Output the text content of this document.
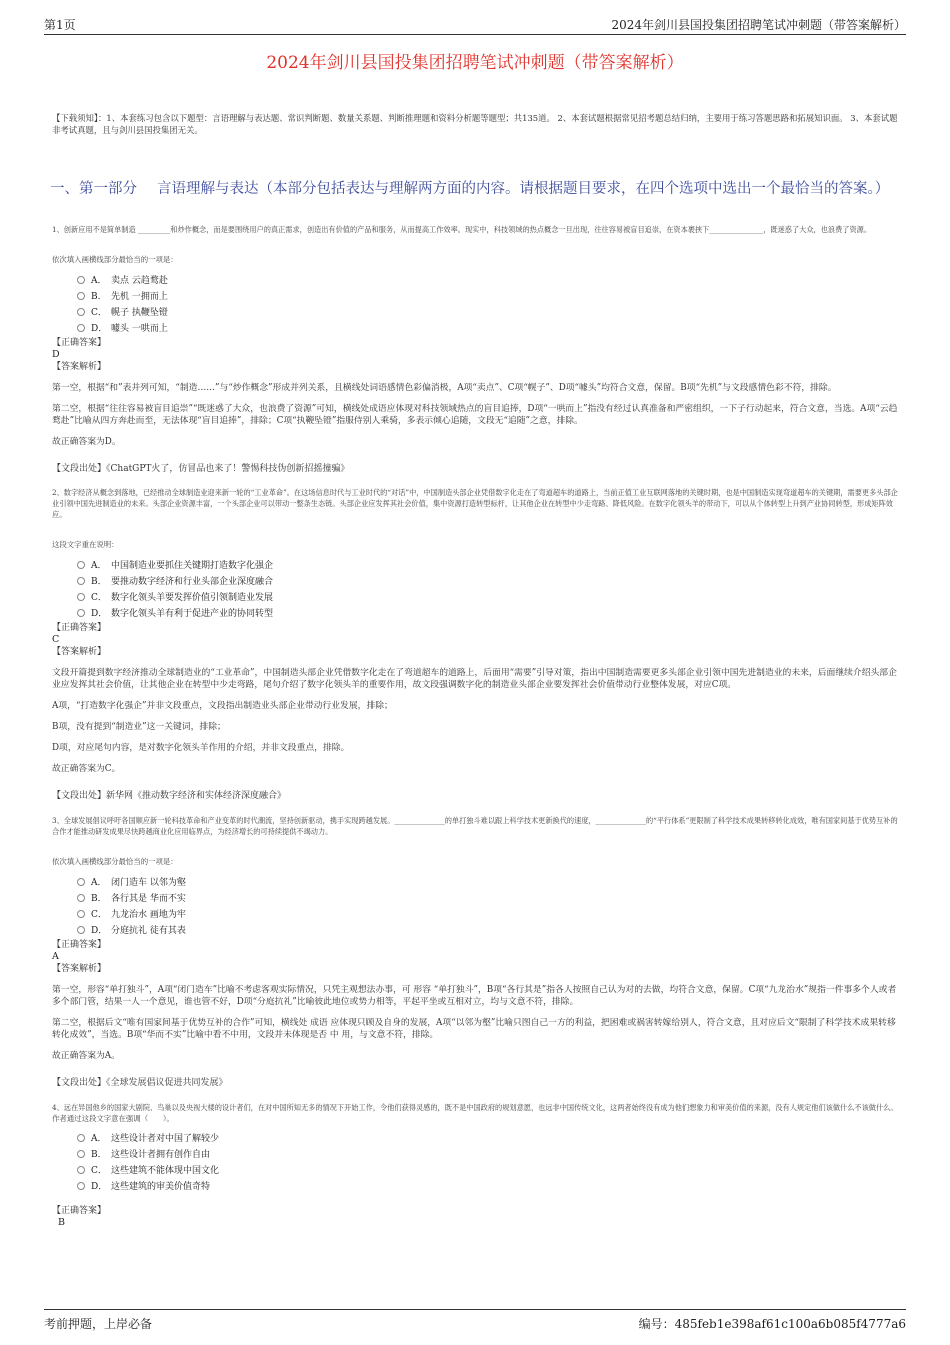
第1页	2024年剑川县国投集团招聘笔试冲刺题（带答案解析）
2024年剑川县国投集团招聘笔试冲刺题（带答案解析）
【下载须知】：1、本套练习包含以下题型：言语理解与表达题、常识判断题、数量关系题、判断推理题和资料分析题等题型；共135道。 2、本套试题根据常见招考题总结归纳，主要用于练习答题思路和拓展知识面。 3、本套试题非考试真题，且与剑川县国投集团无关。
一、第一部分 言语理解与表达（本部分包括表达与理解两方面的内容。请根据题目要求，在四个选项中选出一个最恰当的答案。）

1、创新应用不是简单制造 _________和炒作概念，而是要围绕用户的真正需求，创造出有价值的产品和服务，从而提高工作效率。现实中，科技领域的热点概念一旦出现，往往容易被盲目追崇，在资本裹挟下_______________，既迷惑了大众，也浪费了资源。

依次填入画横线部分最恰当的一项是：

A． 卖点 云趋鹜赴
B． 先机 一拥而上
C． 幌子 执鞭坠镫
D． 噱头 一哄而上
【正确答案】
D
【答案解析】

第一空，根据“和”表并列可知，“制造……”与“炒作概念”形成并列关系，且横线处词语感情色彩偏消极，A项“卖点”、C项“幌子”、D项“噱头”均符合文意，保留。B项“先机”与文段感情色彩不符，排除。

第二空，根据“往往容易被盲目追崇”“既迷惑了大众，也浪费了资源”可知，横线处成语应体现对科技领域热点的盲目追捧，D项“一哄而上”指没有经过认真准备和严密组织，一下子行动起来，符合文意，当选。A项“云趋鹜赴”比喻从四方奔赴而至，无法体现“盲目追捧”，排除；C项“执鞭坠镫”指服侍别人乘骑，多表示倾心追随，文段无“追随”之意，排除。

故正确答案为D。

【文段出处】《ChatGPT火了，仿冒品也来了！警惕科技伪创新招摇撞骗》

2、数字经济从概念到落地，已经推动全球制造业迎来新一轮的“工业革命”。在这场信息时代与工业时代的“对话”中，中国制造头部企业凭借数字化走在了弯道超车的道路上，当前正值工业互联网落地的关键时期，也是中国制造实现弯道超车的关键期，需要更多头部企业引领中国先进制造业的未来。头部企业资源丰富，一个头部企业可以带动一整条生态链。头部企业应发挥其社会价值，集中资源打造转型标杆，让其他企业在转型中少走弯路、降低风险。在数字化领头羊的带动下，可以从个体转型上升到产业协同转型，形成矩阵效应。

这段文字重在说明：

A． 中国制造业要抓住关键期打造数字化强企
B． 要推动数字经济和行业头部企业深度融合
C． 数字化领头羊要发挥价值引领制造业发展
D． 数字化领头羊有利于促进产业的协同转型
【正确答案】
C
【答案解析】

文段开篇提到数字经济推动全球制造业的“工业革命”，中国制造头部企业凭借数字化走在了弯道超车的道路上，后面用“需要”引导对策，指出中国制造需要更多头部企业引领中国先进制造业的未来，后面继续介绍头部企业应发挥其社会价值，让其他企业在转型中少走弯路，尾句介绍了数字化领头羊的重要作用，故文段强调数字化的制造业头部企业要发挥社会价值带动行业整体发展，对应C项。

A项，“打造数字化强企”并非文段重点，文段指出制造业头部企业带动行业发展，排除；

B项，没有提到“制造业”这一关键词，排除；

D项，对应尾句内容，是对数字化领头羊作用的介绍，并非文段重点，排除。

故正确答案为C。

【文段出处】新华网《推动数字经济和实体经济深度融合》

3、全球发展倡议呼吁各国顺应新一轮科技革命和产业变革的时代潮流，坚持创新驱动，携手实现跨越发展。______________的单打独斗难以跟上科学技术更新换代的速度，______________的“平行体系”更限制了科学技术成果转移转化成效，唯有国家间基于优势互补的合作才能推动研发成果尽快跨越商业化应用临界点，为经济增长的可持续提供不竭动力。

依次填入画横线部分最恰当的一项是：

A． 闭门造车 以邻为壑
B． 各行其是 华而不实
C． 九龙治水 画地为牢
D． 分庭抗礼 徒有其表
【正确答案】
A
【答案解析】

第一空，形容“单打独斗”，A项“闭门造车”比喻不考虑客观实际情况，只凭主观想法办事，可 形容 “单打独斗”，B项“各行其是”指各人按照自己认为对的去做，均符合文意，保留。C项“九龙治水”规指一件事多个人或者多个部门管，结果一人一个意见，谁也管不好，D项“分庭抗礼”比喻彼此地位或势力相等，平起平坐或互相对立，均与文意不符，排除。

第二空，根据后文“唯有国家间基于优势互补的合作”可知，横线处 成语 应体现只顾及自身的发展，A项“以邻为壑”比喻只图自己一方的利益，把困难或祸害转嫁给别人，符合文意，且对应后文“限制了科学技术成果转移转化成效”，当选。B项“华而不实”比喻中看不中用，文段并未体现是否 中 用，与文意不符，排除。

故正确答案为A。

【文段出处】《全球发展倡议促进共同发展》

4、远在异国他乡的国家大剧院、鸟巢以及央视大楼的设计者们，在对中国所知无多的情况下开始工作，令他们获得灵感的，既不是中国政府的规划意愿，也远非中国传统文化，这两者始终没有成为他们想象力和审美价值的来源，没有人规定他们该做什么不该做什么。

作者通过这段文字意在强调（　　）。

A． 这些设计者对中国了解较少
B． 这些设计者拥有创作自由
C． 这些建筑不能体现中国文化
D． 这些建筑的审美价值奇特
【正确答案】
B
考前押题，上岸必备	编号：485feb1e398af61c100a6b085f4777a6
